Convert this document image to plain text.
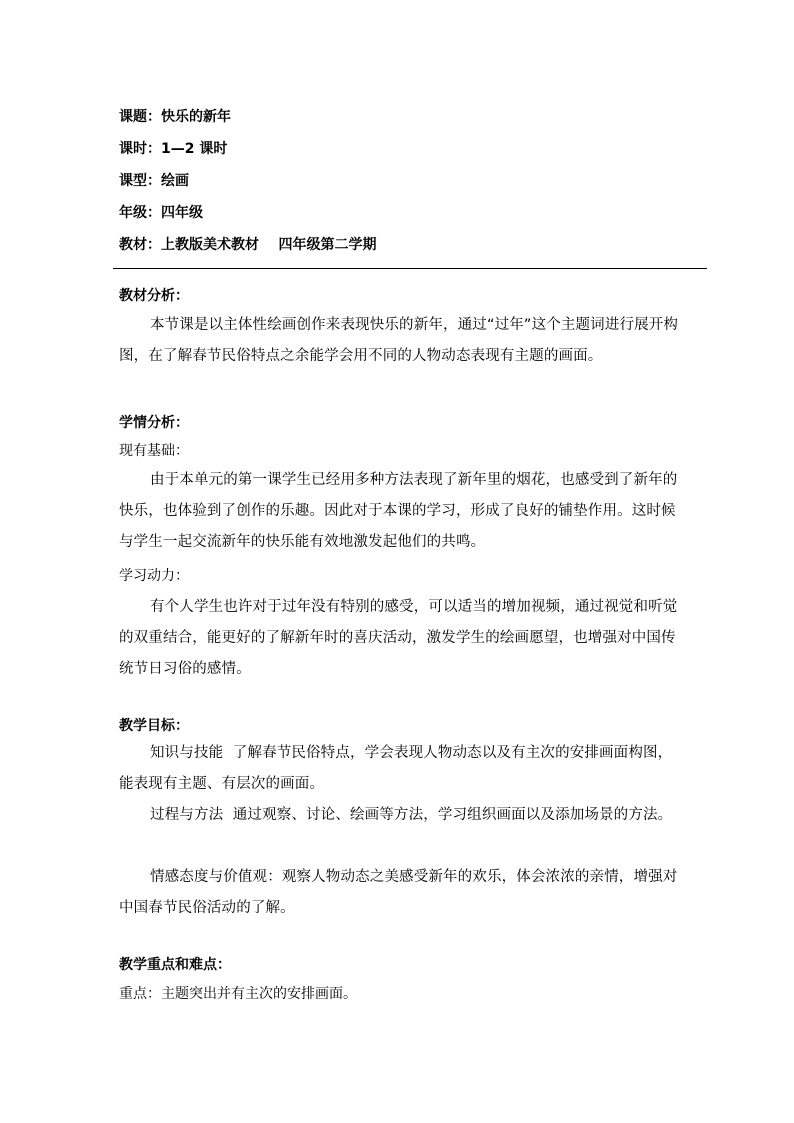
课题：快乐的新年
课时：1—2 课时
课型：绘画
年级：四年级
教材：上教版美术教材    四年级第二学期
教材分析：
本节课是以主体性绘画创作来表现快乐的新年，通过“过年”这个主题词进行展开构图，在了解春节民俗特点之余能学会用不同的人物动态表现有主题的画面。
学情分析：
现有基础：
由于本单元的第一课学生已经用多种方法表现了新年里的烟花，也感受到了新年的快乐，也体验到了创作的乐趣。因此对于本课的学习，形成了良好的铺垫作用。这时候与学生一起交流新年的快乐能有效地激发起他们的共鸣。
学习动力：
有个人学生也许对于过年没有特别的感受，可以适当的增加视频，通过视觉和听觉的双重结合，能更好的了解新年时的喜庆活动，激发学生的绘画愿望，也增强对中国传统节日习俗的感情。
教学目标：
知识与技能  了解春节民俗特点，学会表现人物动态以及有主次的安排画面构图，能表现有主题、有层次的画面。
过程与方法  通过观察、讨论、绘画等方法，学习组织画面以及添加场景的方法。
情感态度与价值观：观察人物动态之美感受新年的欢乐，体会浓浓的亲情，增强对中国春节民俗活动的了解。
教学重点和难点：
重点：主题突出并有主次的安排画面。
